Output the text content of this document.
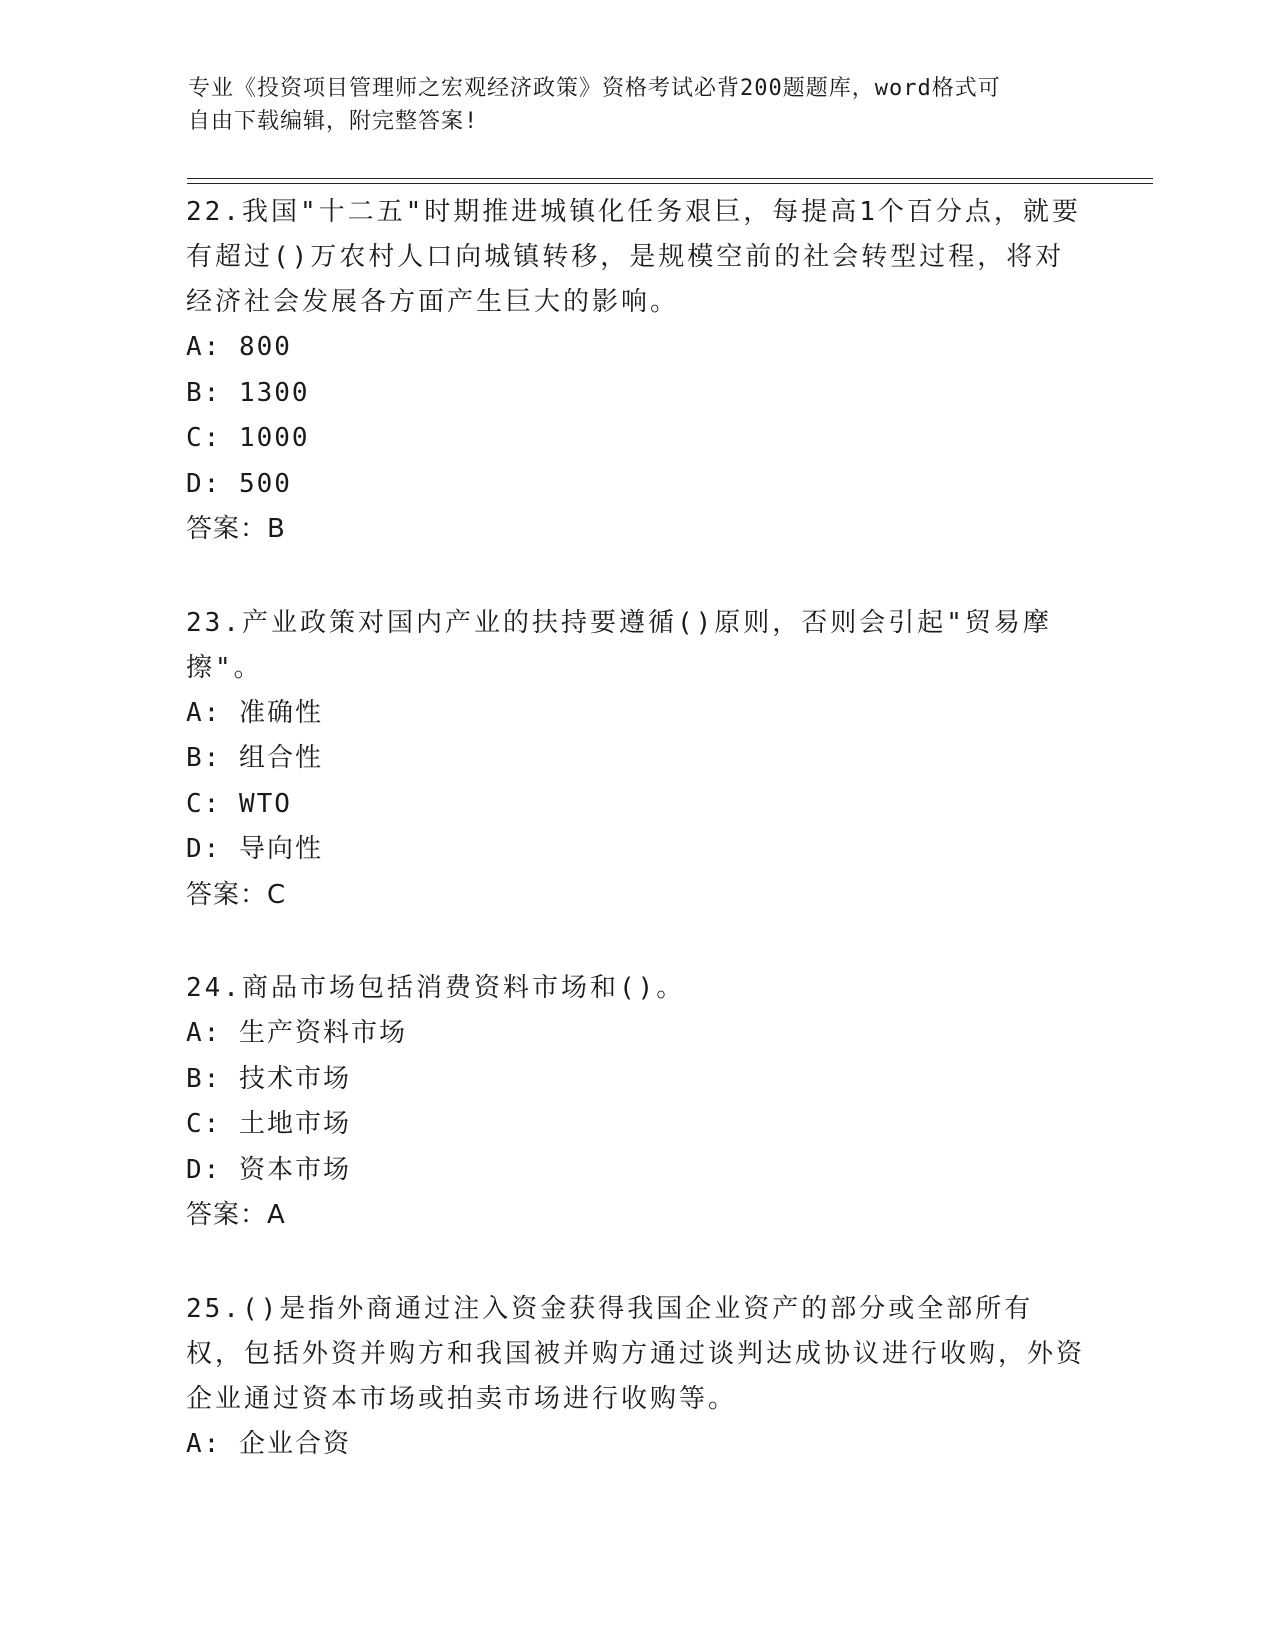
专业《投资项目管理师之宏观经济政策》资格考试必背200题题库，word格式可
自由下载编辑，附完整答案!

22.我国"十二五"时期推进城镇化任务艰巨，每提高1个百分点，就要有超过()万农村人口向城镇转移，是规模空前的社会转型过程，将对经济社会发展各方面产生巨大的影响。

A: 800

B: 1300

C: 1000

D: 500

答案：B

23.产业政策对国内产业的扶持要遵循()原则，否则会引起"贸易摩擦"。

A: 准确性

B: 组合性

C: WTO

D: 导向性

答案：C

24.商品市场包括消费资料市场和()。

A: 生产资料市场

B: 技术市场

C: 土地市场

D: 资本市场

答案：A

25.()是指外商通过注入资金获得我国企业资产的部分或全部所有权，包括外资并购方和我国被并购方通过谈判达成协议进行收购，外资企业通过资本市场或拍卖市场进行收购等。

A: 企业合资
